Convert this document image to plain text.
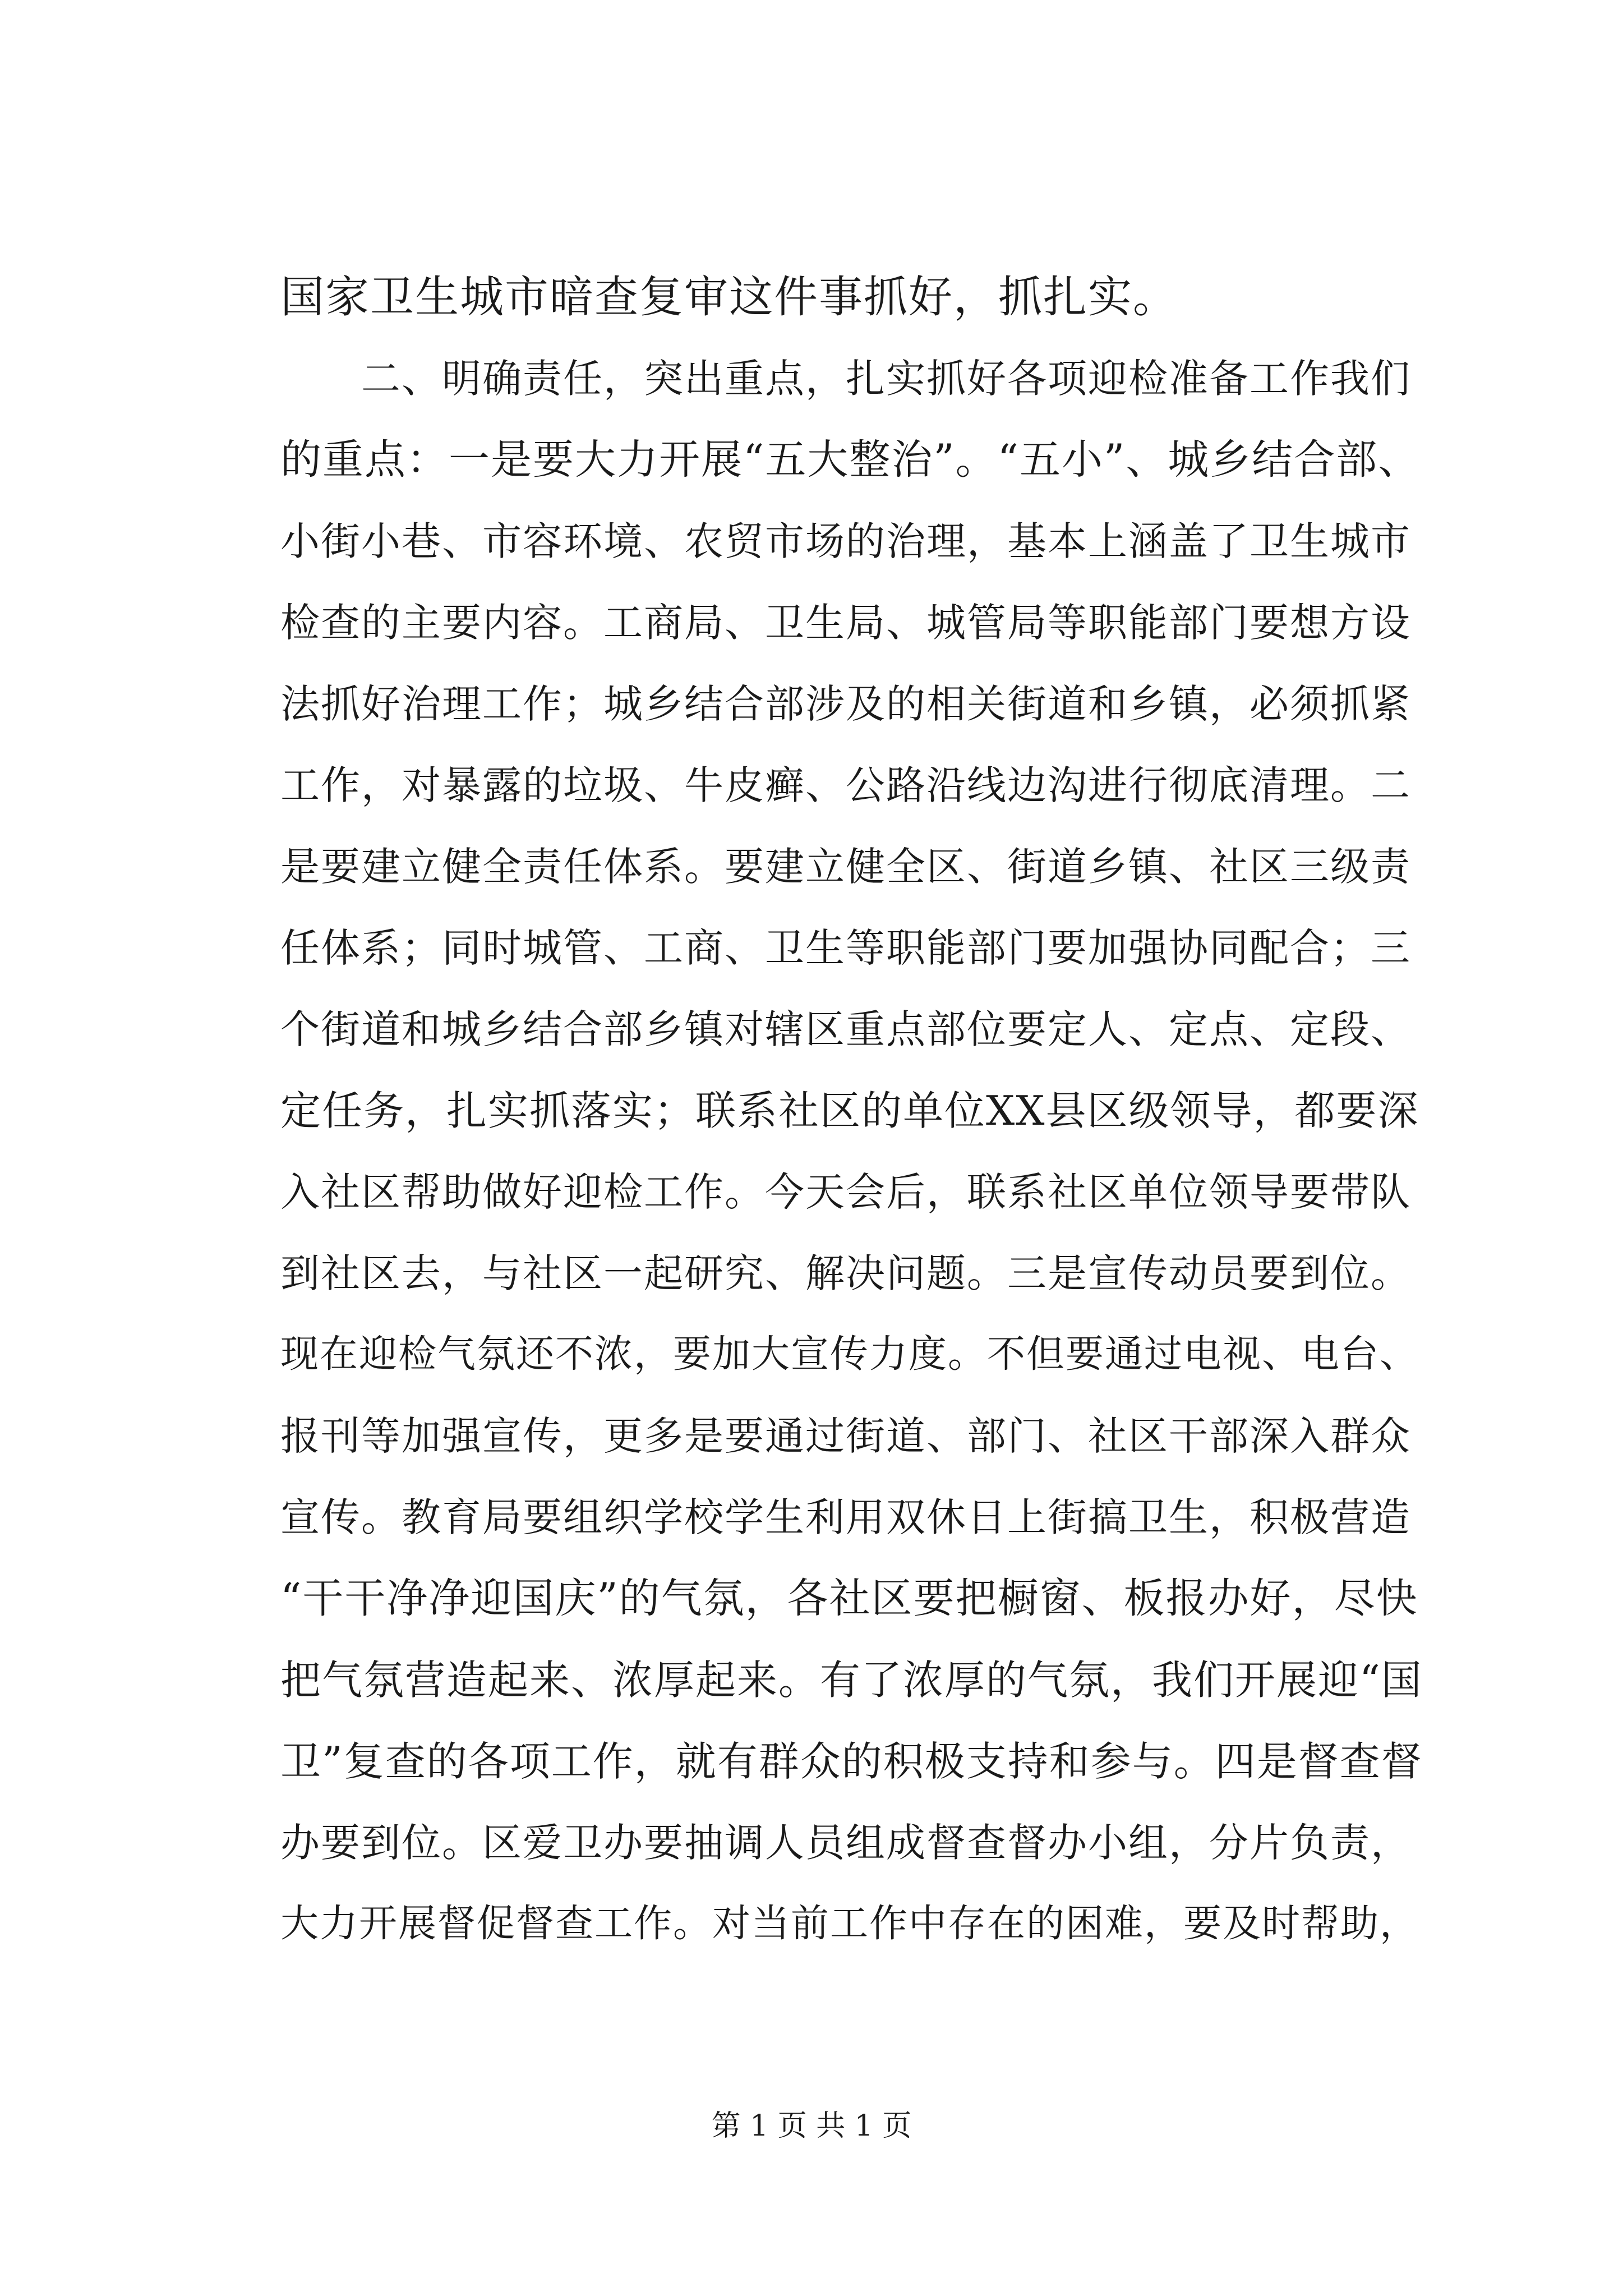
国家卫生城市暗查复审这件事抓好，抓扎实。
　　二、明确责任，突出重点，扎实抓好各项迎检准备工作我们
的重点：一是要大力开展“五大整治”。“五小”、城乡结合部、
小街小巷、市容环境、农贸市场的治理，基本上涵盖了卫生城市
检查的主要内容。工商局、卫生局、城管局等职能部门要想方设
法抓好治理工作；城乡结合部涉及的相关街道和乡镇，必须抓紧
工作，对暴露的垃圾、牛皮癣、公路沿线边沟进行彻底清理。二
是要建立健全责任体系。要建立健全区、街道乡镇、社区三级责
任体系；同时城管、工商、卫生等职能部门要加强协同配合；三
个街道和城乡结合部乡镇对辖区重点部位要定人、定点、定段、
定任务，扎实抓落实；联系社区的单位XX县区级领导，都要深
入社区帮助做好迎检工作。今天会后，联系社区单位领导要带队
到社区去，与社区一起研究、解决问题。三是宣传动员要到位。
现在迎检气氛还不浓，要加大宣传力度。不但要通过电视、电台、
报刊等加强宣传，更多是要通过街道、部门、社区干部深入群众
宣传。教育局要组织学校学生利用双休日上街搞卫生，积极营造
“干干净净迎国庆”的气氛，各社区要把橱窗、板报办好，尽快
把气氛营造起来、浓厚起来。有了浓厚的气氛，我们开展迎“国
卫”复查的各项工作，就有群众的积极支持和参与。四是督查督
办要到位。区爱卫办要抽调人员组成督查督办小组，分片负责，
大力开展督促督查工作。对当前工作中存在的困难，要及时帮助，
第 1 页 共 1 页
